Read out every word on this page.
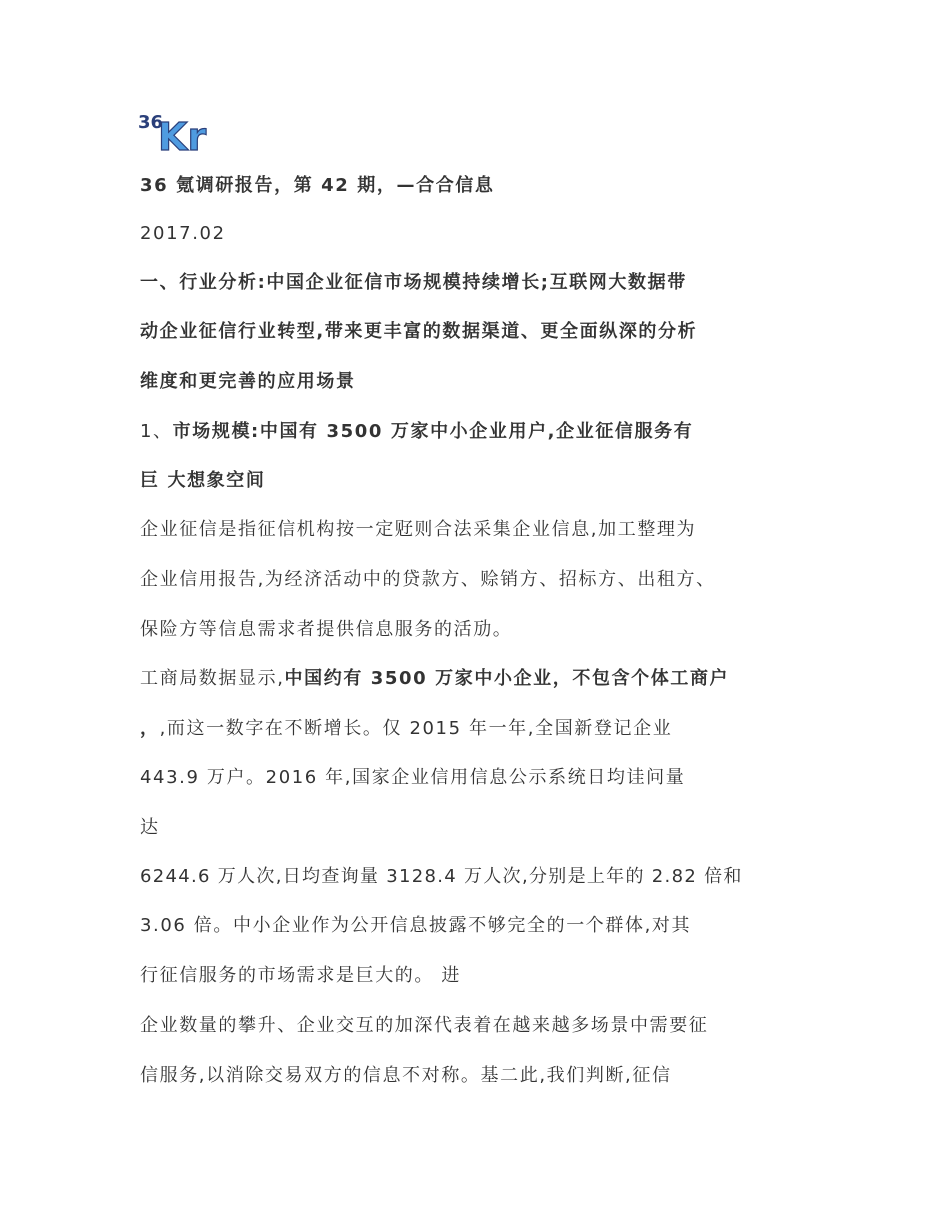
36
Kr
36 氪调研报告，第 42 期，—合合信息
2017.02
一、行业分析:中国企业征信市场规模持续增长;互联网大数据带
动企业征信行业转型,带来更丰富的数据渠道、更全面纵深的分析
维度和更完善的应用场景
1、市场规模:中国有 3500 万家中小企业用户,企业征信服务有
巨 大想象空间
企业征信是指征信机构按一定觃则合法采集企业信息,加工整理为
企业信用报告,为经济活动中的贷款方、赊销方、招标方、出租方、
保险方等信息需求者提供信息服务的活劢。
工商局数据显示,中国约有 3500 万家中小企业，不包含个体工商户
，,而这一数字在不断增长。仅 2015 年一年,全国新登记企业
443.9 万户。2016 年,国家企业信用信息公示系统日均诖问量
达
6244.6 万人次,日均查询量 3128.4 万人次,分别是上年的 2.82 倍和
3.06 倍。中小企业作为公开信息披露不够完全的一个群体,对其
行征信服务的市场需求是巨大的。 进
企业数量的攀升、企业交互的加深代表着在越来越多场景中需要征
信服务,以消除交易双方的信息不对称。基二此,我们判断,征信
